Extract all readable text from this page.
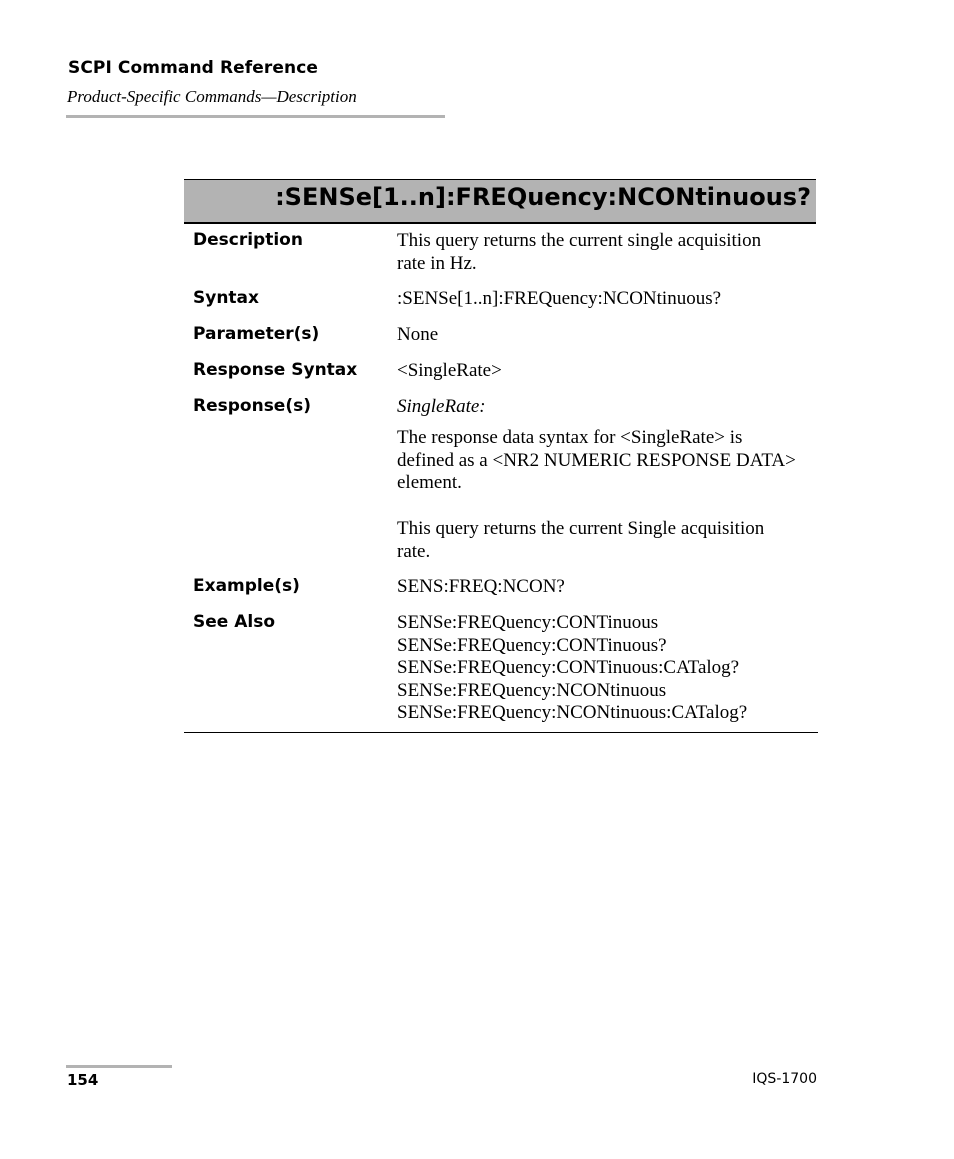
SCPI Command Reference
Product-Specific Commands—Description
:SENSe[1..n]:FREQuency:NCONtinuous?
Description	This query returns the current single acquisition
rate in Hz.
Syntax	:SENSe[1..n]:FREQuency:NCONtinuous?
Parameter(s)	None
Response Syntax <SingleRate>
Response(s)	SingleRate:
The response data syntax for <SingleRate> is
defined as a <NR2 NUMERIC RESPONSE DATA>
element.
This query returns the current Single acquisition
rate.
Example(s)	SENS:FREQ:NCON?
See Also	SENSe:FREQuency:CONTinuous
SENSe:FREQuency:CONTinuous?
SENSe:FREQuency:CONTinuous:CATalog?
SENSe:FREQuency:NCONtinuous
SENSe:FREQuency:NCONtinuous:CATalog?
154	IQS-1700
